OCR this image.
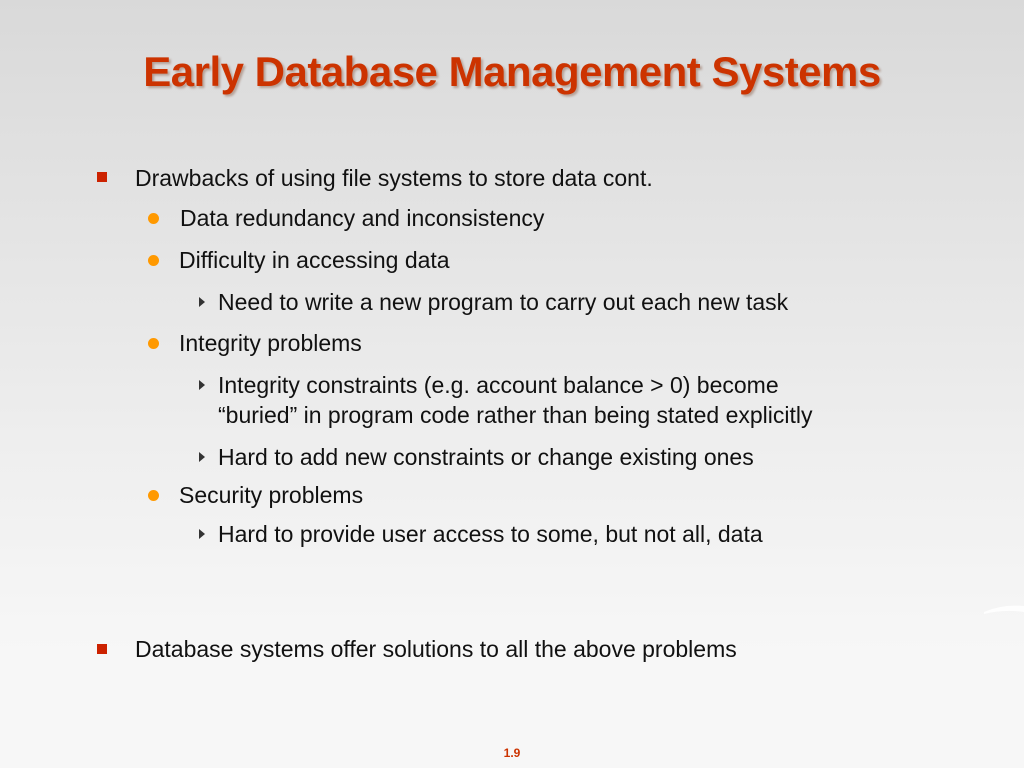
Early Database Management Systems
Drawbacks of using file systems to store data cont.
Data redundancy and inconsistency
Difficulty in accessing data
Need to write a new program to carry out each new task
Integrity problems
Integrity constraints (e.g. account balance > 0) become
“buried” in program code rather than being stated explicitly
Hard to add new constraints or change existing ones
Security problems
Hard to provide user access to some, but not all, data
Database systems offer solutions to all the above problems
1.9
